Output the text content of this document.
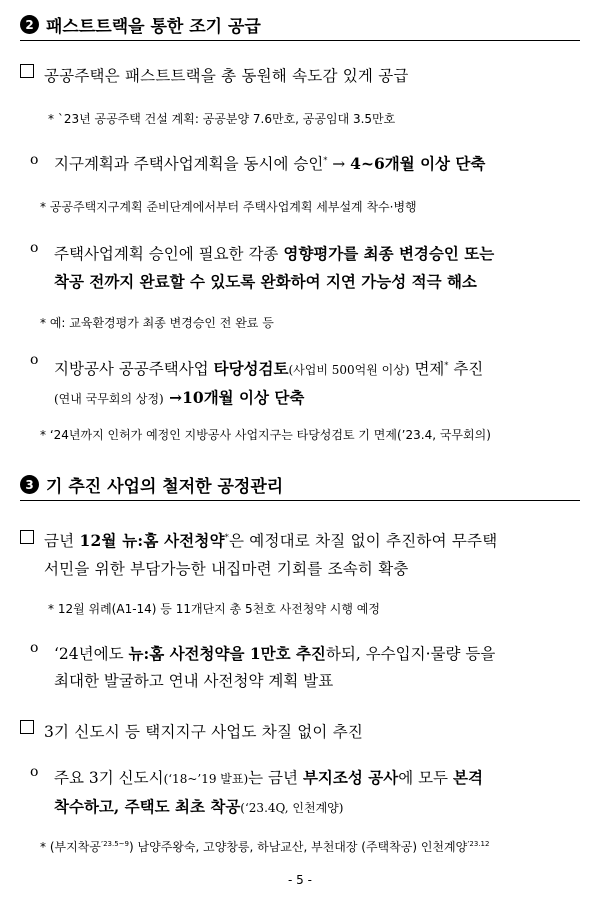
2 패스트트랙을 통한 조기 공급
공공주택은 패스트트랙을 총 동원해 속도감 있게 공급
* `23년 공공주택 건설 계획: 공공분양 7.6만호, 공공임대 3.5만호
o	지구계획과 주택사업계획을 동시에 승인* → 4~6개월 이상 단축
* 공공주택지구계획 준비단계에서부터 주택사업계획 세부설계 착수·병행
o	주택사업계획 승인에 필요한 각종 영향평가를 최종 변경승인 또는
착공 전까지 완료할 수 있도록 완화하여 지연 가능성 적극 해소
* 예: 교육환경평가 최종 변경승인 전 완료 등
o
지방공사 공공주택사업 타당성검토(사업비 500억원 이상) 면제* 추진
(연내 국무회의 상정) →10개월 이상 단축
* ‘24년까지 인허가 예정인 지방공사 사업지구는 타당성검토 기 면제(’23.4, 국무회의)
3 기 추진 사업의 철저한 공정관리
금년 12월 뉴:홈 사전청약*은 예정대로 차질 없이 추진하여 무주택
서민을 위한 부담가능한 내집마련 기회를 조속히 확충
* 12월 위례(A1-14) 등 11개단지 총 5천호 사전청약 시행 예정
o	‘24년에도 뉴:홈 사전청약을 1만호 추진하되, 우수입지·물량 등을
최대한 발굴하고 연내 사전청약 계획 발표
3기 신도시 등 택지지구 사업도 차질 없이 추진
o	주요 3기 신도시(‘18~’19 발표)는 금년 부지조성 공사에 모두 본격
착수하고, 주택도 최초 착공(‘23.4Q, 인천계양)
* (부지착공$^{’23.5\sim 9}$) 남양주왕숙, 고양창릉, 하남교산, 부천대장 (주택착공) 인천계양$^{’23.12}$
- 5 -
